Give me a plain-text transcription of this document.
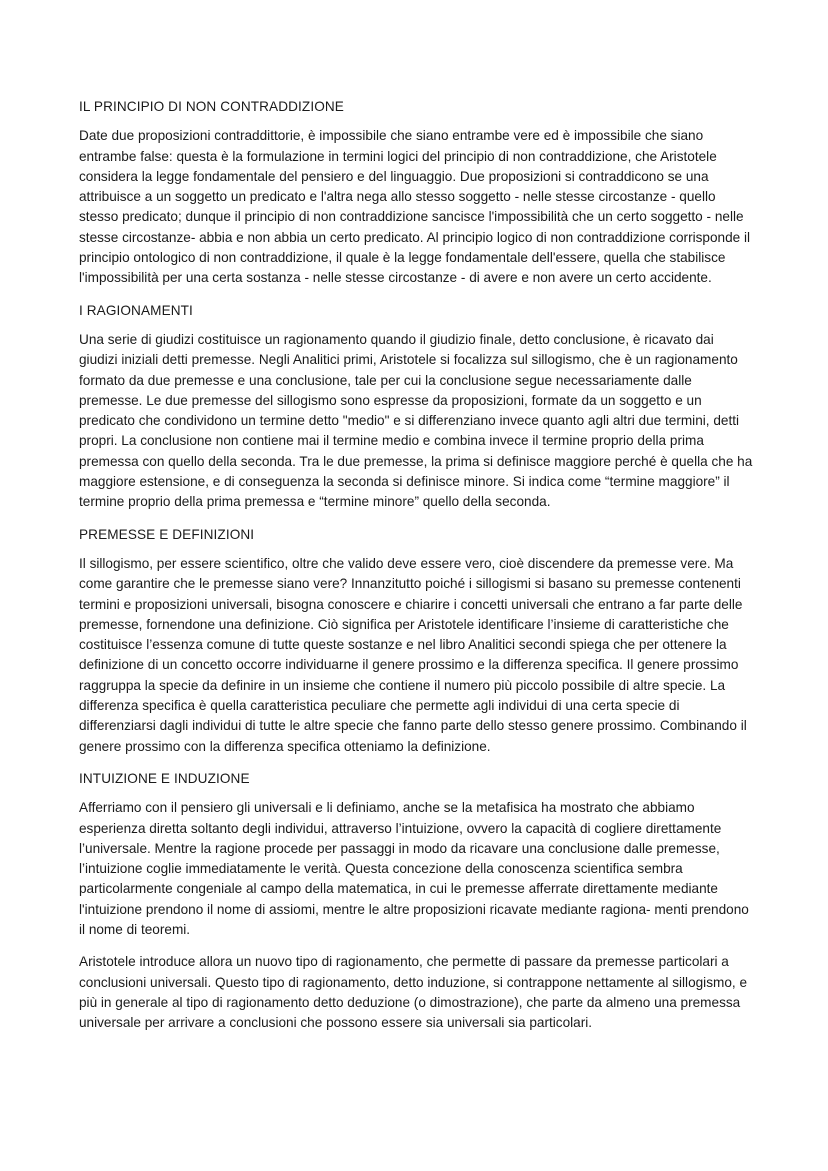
IL PRINCIPIO DI NON CONTRADDIZIONE

Date due proposizioni contraddittorie, è impossibile che siano entrambe vere ed è impossibile che siano entrambe false: questa è la formulazione in termini logici del principio di non contraddizione, che Aristotele considera la legge fondamentale del pensiero e del linguaggio. Due proposizioni si contraddicono se una attribuisce a un soggetto un predicato e l'altra nega allo stesso soggetto - nelle stesse circostanze - quello stesso predicato; dunque il principio di non contraddizione sancisce l'impossibilità che un certo soggetto - nelle stesse circostanze- abbia e non abbia un certo predicato. Al principio logico di non contraddizione corrisponde il principio ontologico di non contraddizione, il quale è la legge fondamentale dell'essere, quella che stabilisce l'impossibilità per una certa sostanza - nelle stesse circostanze - di avere e non avere un certo accidente.

I RAGIONAMENTI

Una serie di giudizi costituisce un ragionamento quando il giudizio finale, detto conclusione, è ricavato dai giudizi iniziali detti premesse. Negli Analitici primi, Aristotele si focalizza sul sillogismo, che è un ragionamento formato da due premesse e una conclusione, tale per cui la conclusione segue necessariamente dalle premesse. Le due premesse del sillogismo sono espresse da proposizioni, formate da un soggetto e un predicato che condividono un termine detto "medio" e si differenziano invece quanto agli altri due termini, detti propri. La conclusione non contiene mai il termine medio e combina invece il termine proprio della prima premessa con quello della seconda. Tra le due premesse, la prima si definisce maggiore perché è quella che ha maggiore estensione, e di conseguenza la seconda si definisce minore. Si indica come “termine maggiore” il termine proprio della prima premessa e “termine minore” quello della seconda.

PREMESSE E DEFINIZIONI

Il sillogismo, per essere scientifico, oltre che valido deve essere vero, cioè discendere da premesse vere. Ma come garantire che le premesse siano vere? Innanzitutto poiché i sillogismi si basano su premesse contenenti termini e proposizioni universali, bisogna conoscere e chiarire i concetti universali che entrano a far parte delle premesse, fornendone una definizione. Ciò significa per Aristotele identificare l’insieme di caratteristiche che costituisce l’essenza comune di tutte queste sostanze e nel libro Analitici secondi spiega che per ottenere la definizione di un concetto occorre individuarne il genere prossimo e la differenza specifica. Il genere prossimo raggruppa la specie da definire in un insieme che contiene il numero più piccolo possibile di altre specie. La differenza specifica è quella caratteristica peculiare che permette agli individui di una certa specie di differenziarsi dagli individui di tutte le altre specie che fanno parte dello stesso genere prossimo. Combinando il genere prossimo con la differenza specifica otteniamo la definizione.

INTUIZIONE E INDUZIONE

Afferriamo con il pensiero gli universali e li definiamo, anche se la metafisica ha mostrato che abbiamo esperienza diretta soltanto degli individui, attraverso l’intuizione, ovvero la capacità di cogliere direttamente l’universale. Mentre la ragione procede per passaggi in modo da ricavare una conclusione dalle premesse, l’intuizione coglie immediatamente le verità. Questa concezione della conoscenza scientifica sembra particolarmente congeniale al campo della matematica, in cui le premesse afferrate direttamente mediante l'intuizione prendono il nome di assiomi, mentre le altre proposizioni ricavate mediante ragiona- menti prendono il nome di teoremi.

Aristotele introduce allora un nuovo tipo di ragionamento, che permette di passare da premesse particolari a conclusioni universali. Questo tipo di ragionamento, detto induzione, si contrappone nettamente al sillogismo, e più in generale al tipo di ragionamento detto deduzione (o dimostrazione), che parte da almeno una premessa universale per arrivare a conclusioni che possono essere sia universali sia particolari.
